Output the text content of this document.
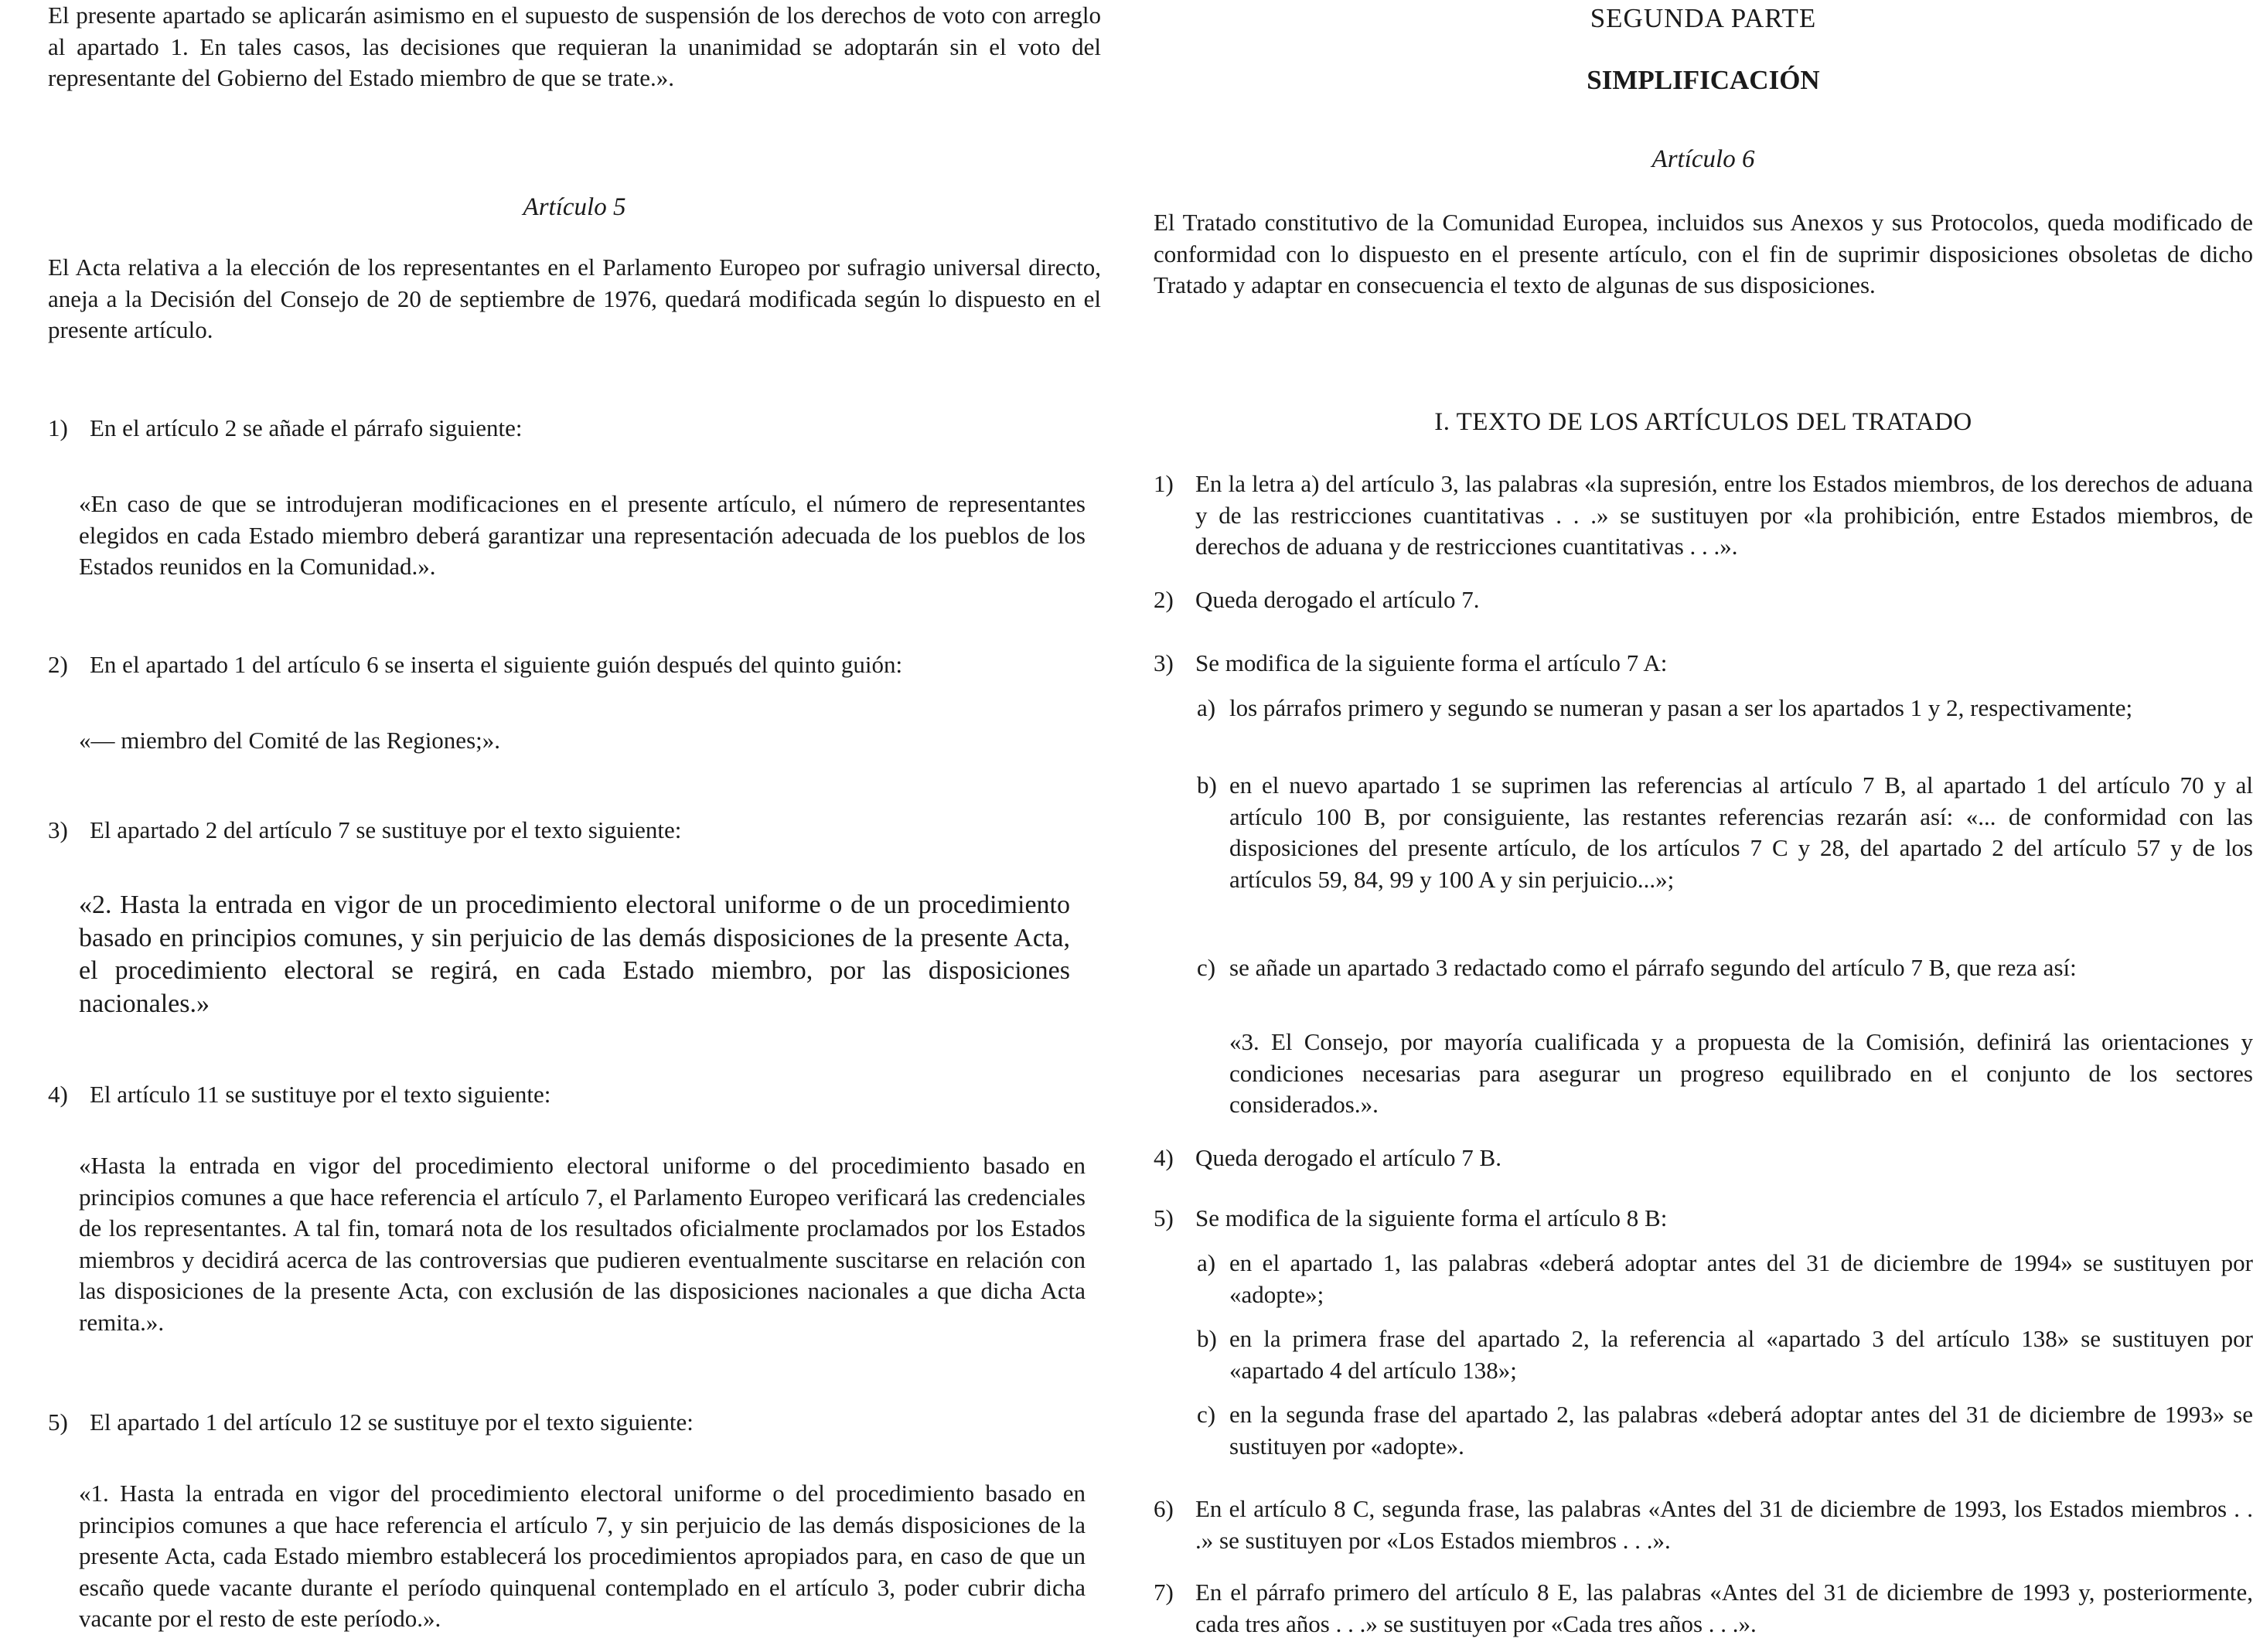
El presente apartado se aplicarán asimismo en el supuesto de suspensión de los derechos de voto con arreglo al apartado 1. En tales casos, las decisiones que requieran la unanimidad se adoptarán sin el voto del representante del Gobierno del Estado miembro de que se trate.».

Artículo 5

El Acta relativa a la elección de los representantes en el Parlamento Europeo por sufragio universal directo, aneja a la Decisión del Consejo de 20 de septiembre de 1976, quedará modificada según lo dispuesto en el presente artículo.

1) En el artículo 2 se añade el párrafo siguiente:

«En caso de que se introdujeran modificaciones en el presente artículo, el número de representantes elegidos en cada Estado miembro deberá garantizar una representación adecuada de los pueblos de los Estados reunidos en la Comunidad.».

2) En el apartado 1 del artículo 6 se inserta el siguiente guión después del quinto guión:

«— miembro del Comité de las Regiones;».

3) El apartado 2 del artículo 7 se sustituye por el texto siguiente:

«2. Hasta la entrada en vigor de un procedimiento electoral uniforme o de un procedimiento basado en principios comunes, y sin perjuicio de las demás disposiciones de la presente Acta, el procedimiento electoral se regirá, en cada Estado miembro, por las disposiciones nacionales.»

4) El artículo 11 se sustituye por el texto siguiente:

«Hasta la entrada en vigor del procedimiento electoral uniforme o del procedimiento basado en principios comunes a que hace referencia el artículo 7, el Parlamento Europeo verificará las credenciales de los representantes. A tal fin, tomará nota de los resultados oficialmente proclamados por los Estados miembros y decidirá acerca de las controversias que pudieren eventualmente suscitarse en relación con las disposiciones de la presente Acta, con exclusión de las disposiciones nacionales a que dicha Acta remita.».

5) El apartado 1 del artículo 12 se sustituye por el texto siguiente:

«1. Hasta la entrada en vigor del procedimiento electoral uniforme o del procedimiento basado en principios comunes a que hace referencia el artículo 7, y sin perjuicio de las demás disposiciones de la presente Acta, cada Estado miembro establecerá los procedimientos apropiados para, en caso de que un escaño quede vacante durante el período quinquenal contemplado en el artículo 3, poder cubrir dicha vacante por el resto de este período.».

SEGUNDA PARTE

SIMPLIFICACIÓN

Artículo 6

El Tratado constitutivo de la Comunidad Europea, incluidos sus Anexos y sus Protocolos, queda modificado de conformidad con lo dispuesto en el presente artículo, con el fin de suprimir disposiciones obsoletas de dicho Tratado y adaptar en consecuencia el texto de algunas de sus disposiciones.

I. TEXTO DE LOS ARTÍCULOS DEL TRATADO

1) En la letra a) del artículo 3, las palabras «la supresión, entre los Estados miembros, de los derechos de aduana y de las restricciones cuantitativas . . .» se sustituyen por «la prohibición, entre Estados miembros, de derechos de aduana y de restricciones cuantitativas . . .».
2) Queda derogado el artículo 7.
3) Se modifica de la siguiente forma el artículo 7 A:
a) los párrafos primero y segundo se numeran y pasan a ser los apartados 1 y 2, respectivamente;
b) en el nuevo apartado 1 se suprimen las referencias al artículo 7 B, al apartado 1 del artículo 70 y al artículo 100 B, por consiguiente, las restantes referencias rezarán así: «... de conformidad con las disposiciones del presente artículo, de los artículos 7 C y 28, del apartado 2 del artículo 57 y de los artículos 59, 84, 99 y 100 A y sin perjuicio...»;
c) se añade un apartado 3 redactado como el párrafo segundo del artículo 7 B, que reza así:

«3. El Consejo, por mayoría cualificada y a propuesta de la Comisión, definirá las orientaciones y condiciones necesarias para asegurar un progreso equilibrado en el conjunto de los sectores considerados.».

4) Queda derogado el artículo 7 B.
5) Se modifica de la siguiente forma el artículo 8 B:
a) en el apartado 1, las palabras «deberá adoptar antes del 31 de diciembre de 1994» se sustituyen por «adopte»;
b) en la primera frase del apartado 2, la referencia al «apartado 3 del artículo 138» se sustituyen por «apartado 4 del artículo 138»;
c) en la segunda frase del apartado 2, las palabras «deberá adoptar antes del 31 de diciembre de 1993» se sustituyen por «adopte».
6) En el artículo 8 C, segunda frase, las palabras «Antes del 31 de diciembre de 1993, los Estados miembros . . .» se sustituyen por «Los Estados miembros . . .».
7) En el párrafo primero del artículo 8 E, las palabras «Antes del 31 de diciembre de 1993 y, posteriormente, cada tres años . . .» se sustituyen por «Cada tres años . . .».
